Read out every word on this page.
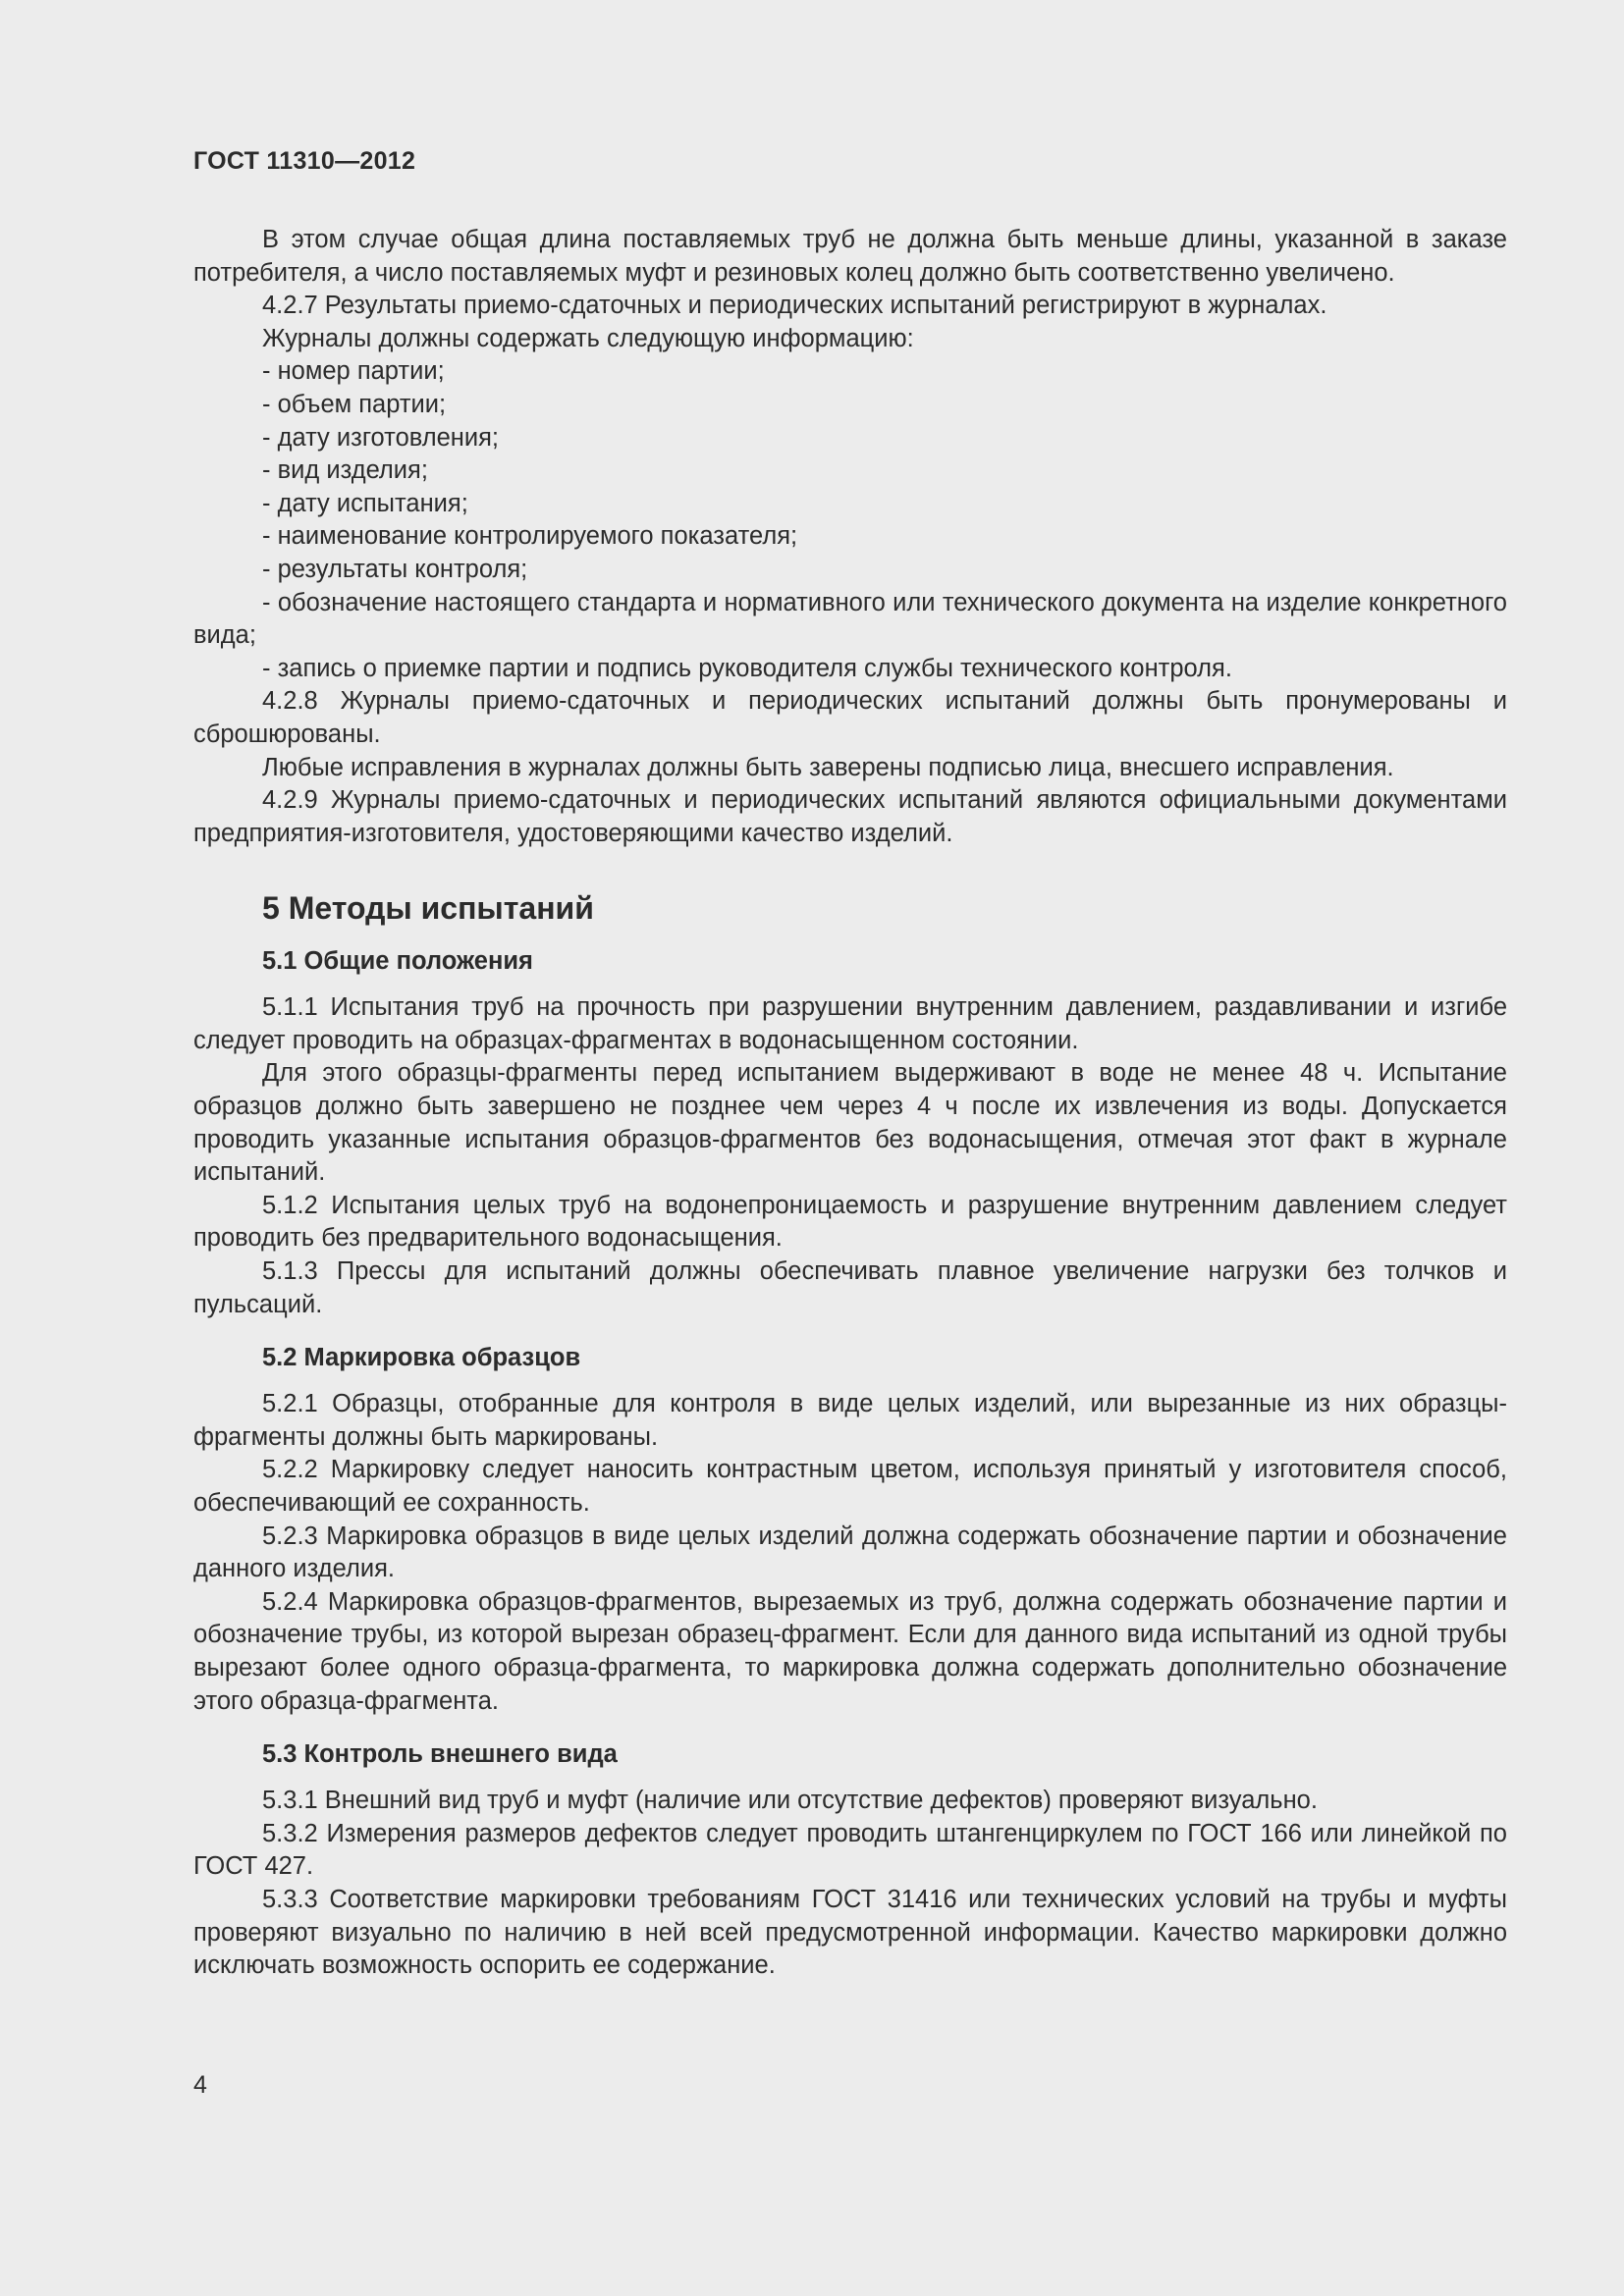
ГОСТ 11310—2012

В этом случае общая длина поставляемых труб не должна быть меньше длины, указанной в заказе потребителя, а число поставляемых муфт и резиновых колец должно быть соответственно увеличено.

4.2.7 Результаты приемо-сдаточных и периодических испытаний регистрируют в журналах.

Журналы должны содержать следующую информацию:

- номер партии;

- объем партии;

- дату изготовления;

- вид изделия;

- дату испытания;

- наименование контролируемого показателя;

- результаты контроля;

- обозначение настоящего стандарта и нормативного или технического документа на изделие конкретного вида;

- запись о приемке партии и подпись руководителя службы технического контроля.

4.2.8 Журналы приемо-сдаточных и периодических испытаний должны быть пронумерованы и сброшюрованы.

Любые исправления в журналах должны быть заверены подписью лица, внесшего исправления.

4.2.9 Журналы приемо-сдаточных и периодических испытаний являются официальными документами предприятия-изготовителя, удостоверяющими качество изделий.

5 Методы испытаний
5.1 Общие положения

5.1.1 Испытания труб на прочность при разрушении внутренним давлением, раздавливании и изгибе следует проводить на образцах-фрагментах в водонасыщенном состоянии.

Для этого образцы-фрагменты перед испытанием выдерживают в воде не менее 48 ч. Испытание образцов должно быть завершено не позднее чем через 4 ч после их извлечения из воды. Допускается проводить указанные испытания образцов-фрагментов без водонасыщения, отмечая этот факт в журнале испытаний.

5.1.2 Испытания целых труб на водонепроницаемость и разрушение внутренним давлением следует проводить без предварительного водонасыщения.

5.1.3 Прессы для испытаний должны обеспечивать плавное увеличение нагрузки без толчков и пульсаций.

5.2 Маркировка образцов

5.2.1 Образцы, отобранные для контроля в виде целых изделий, или вырезанные из них образцы-фрагменты должны быть маркированы.

5.2.2 Маркировку следует наносить контрастным цветом, используя принятый у изготовителя способ, обеспечивающий ее сохранность.

5.2.3 Маркировка образцов в виде целых изделий должна содержать обозначение партии и обозначение данного изделия.

5.2.4 Маркировка образцов-фрагментов, вырезаемых из труб, должна содержать обозначение партии и обозначение трубы, из которой вырезан образец-фрагмент. Если для данного вида испытаний из одной трубы вырезают более одного образца-фрагмента, то маркировка должна содержать дополнительно обозначение этого образца-фрагмента.

5.3 Контроль внешнего вида

5.3.1 Внешний вид труб и муфт (наличие или отсутствие дефектов) проверяют визуально.

5.3.2 Измерения размеров дефектов следует проводить штангенциркулем по ГОСТ 166 или линейкой по ГОСТ 427.

5.3.3 Соответствие маркировки требованиям ГОСТ 31416 или технических условий на трубы и муфты проверяют визуально по наличию в ней всей предусмотренной информации. Качество маркировки должно исключать возможность оспорить ее содержание.

4
